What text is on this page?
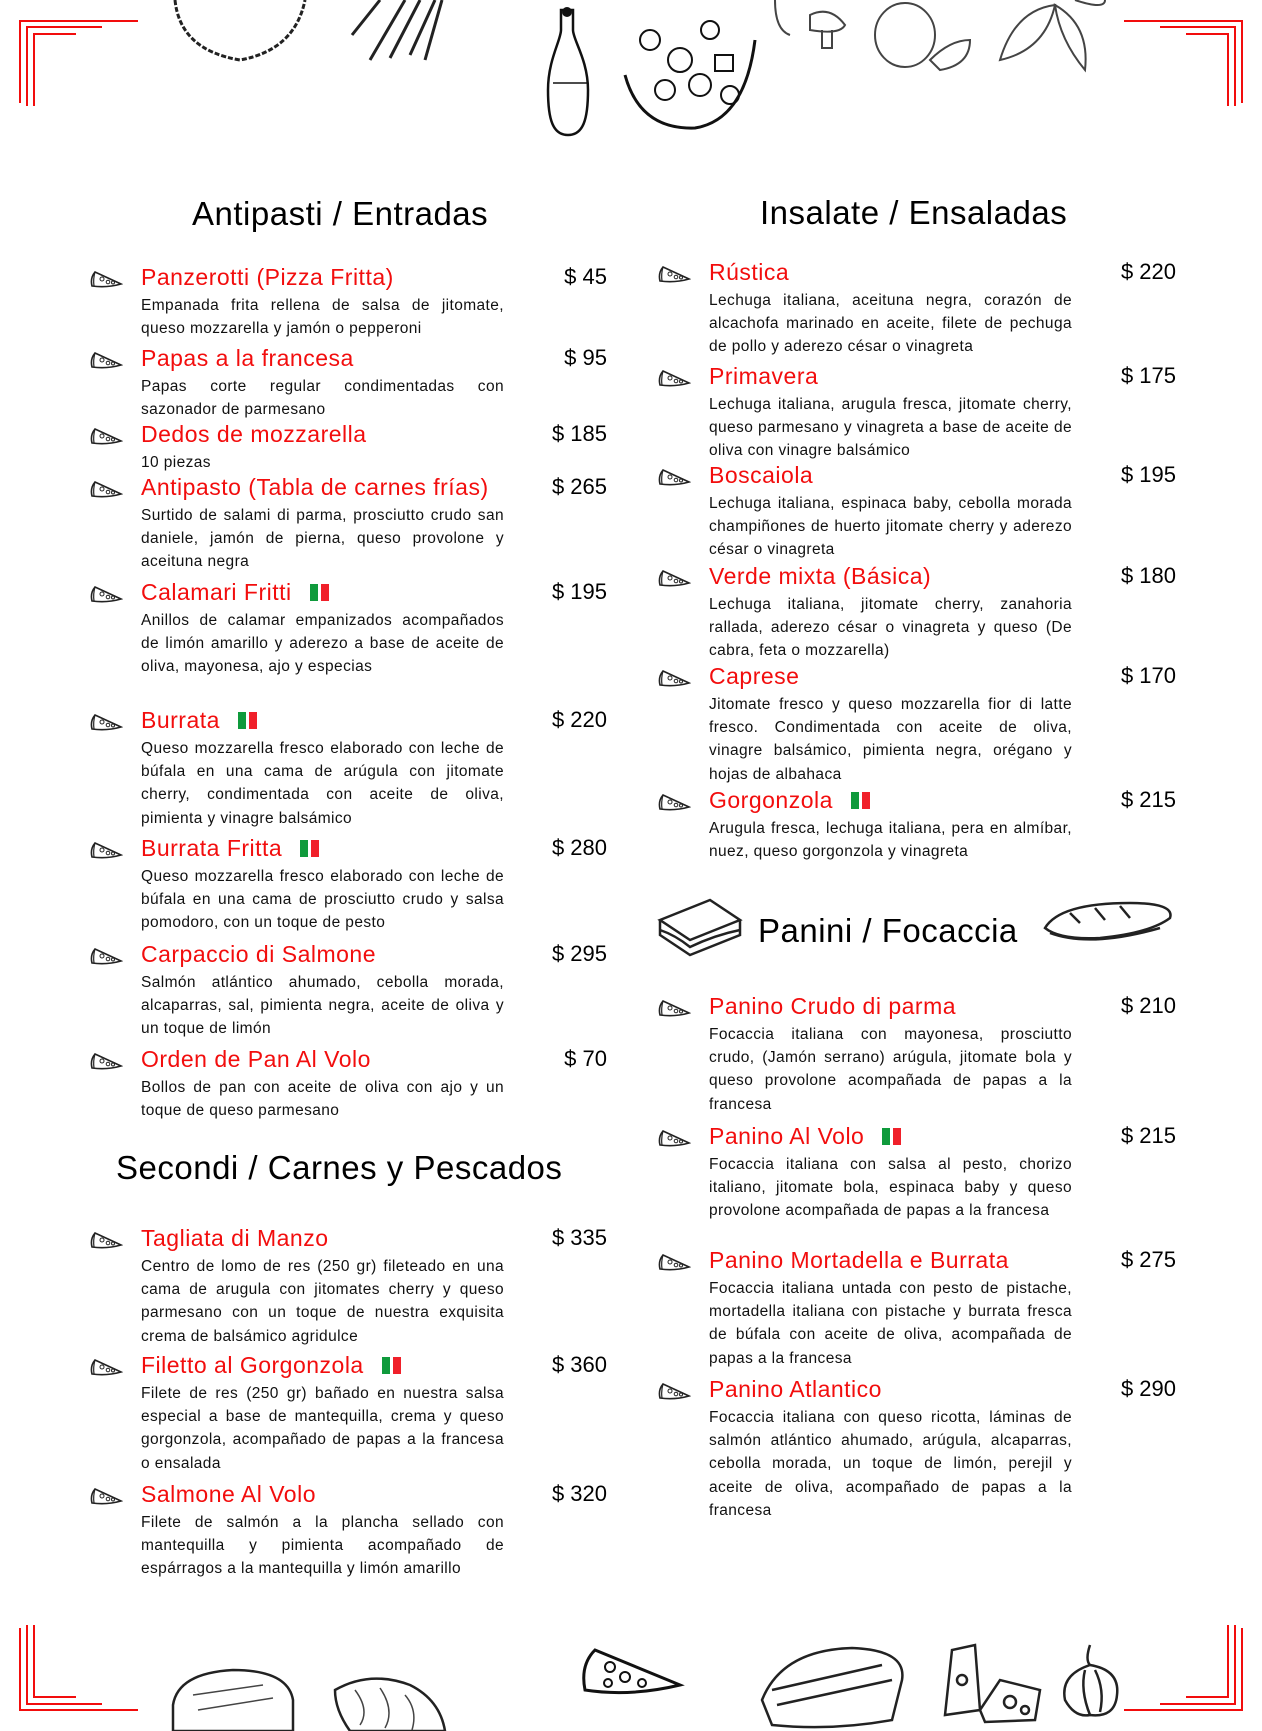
Antipasti / Entradas	Insalate / Ensaladas
Secondi / Carnes y Pescados
Panini / Focaccia
Panzerotti (Pizza Fritta)	$ 45
Empanada frita rellena de salsa de jitomate, queso mozzarella y jamón o pepperoni
Papas a la francesa	$ 95
Papas corte regular condimentadas con sazonador de parmesano
Dedos de mozzarella	$ 185
10 piezas
Antipasto (Tabla de carnes frías)	$ 265
Surtido de salami di parma, prosciutto crudo san daniele, jamón de pierna, queso provolone y aceituna negra
Calamari Fritti	$ 195
Anillos de calamar empanizados acompañados de limón amarillo y aderezo a base de aceite de oliva, mayonesa, ajo y especias
Burrata	$ 220
Queso mozzarella fresco elaborado con leche de búfala en una cama de arúgula con jitomate cherry, condimentada con aceite de oliva, pimienta y vinagre balsámico
Burrata Fritta	$ 280
Queso mozzarella fresco elaborado con leche de búfala en una cama de prosciutto crudo y salsa pomodoro, con un toque de pesto
Carpaccio di Salmone	$ 295
Salmón atlántico ahumado, cebolla morada, alcaparras, sal, pimienta negra, aceite de oliva y un toque de limón
Orden de Pan Al Volo	$ 70
Bollos de pan con aceite de oliva con ajo y un toque de queso parmesano
Tagliata di Manzo	$ 335
Centro de lomo de res (250 gr) fileteado en una cama de arugula con jitomates cherry y queso parmesano con un toque de nuestra exquisita crema de balsámico agridulce
Filetto al Gorgonzola	$ 360
Filete de res (250 gr) bañado en nuestra salsa especial a base de mantequilla, crema y queso gorgonzola, acompañado de papas a la francesa o ensalada
Salmone Al Volo	$ 320
Filete de salmón a la plancha sellado con mantequilla y pimienta acompañado de espárragos a la mantequilla y limón amarillo
Rústica	$ 220
Lechuga italiana, aceituna negra, corazón de alcachofa marinado en aceite, filete de pechuga de pollo y aderezo césar o vinagreta
Primavera	$ 175
Lechuga italiana, arugula fresca, jitomate cherry, queso parmesano y vinagreta a base de aceite de oliva con vinagre balsámico
Boscaiola	$ 195
Lechuga italiana, espinaca baby, cebolla morada champiñones de huerto jitomate cherry y aderezo césar o vinagreta
Verde mixta (Básica)	$ 180
Lechuga italiana, jitomate cherry, zanahoria rallada, aderezo césar o vinagreta y queso (De cabra, feta o mozzarella)
Caprese	$ 170
Jitomate fresco y queso mozzarella fior di latte fresco. Condimentada con aceite de oliva, vinagre balsámico, pimienta negra, orégano y hojas de albahaca
Gorgonzola	$ 215
Arugula fresca, lechuga italiana, pera en almíbar, nuez, queso gorgonzola y vinagreta
Panino Crudo di parma	$ 210
Focaccia italiana con mayonesa, prosciutto crudo, (Jamón serrano) arúgula, jitomate bola y queso provolone acompañada de papas a la francesa
Panino Al Volo	$ 215
Focaccia italiana con salsa al pesto, chorizo italiano, jitomate bola, espinaca baby y queso provolone acompañada de papas a la francesa
Panino Mortadella e Burrata	$ 275
Focaccia italiana untada con pesto de pistache, mortadella italiana con pistache y burrata fresca de búfala con aceite de oliva, acompañada de papas a la francesa
Panino Atlantico	$ 290
Focaccia italiana con queso ricotta, láminas de salmón atlántico ahumado, arúgula, alcaparras, cebolla morada, un toque de limón, perejil y aceite de oliva, acompañado de papas a la francesa
